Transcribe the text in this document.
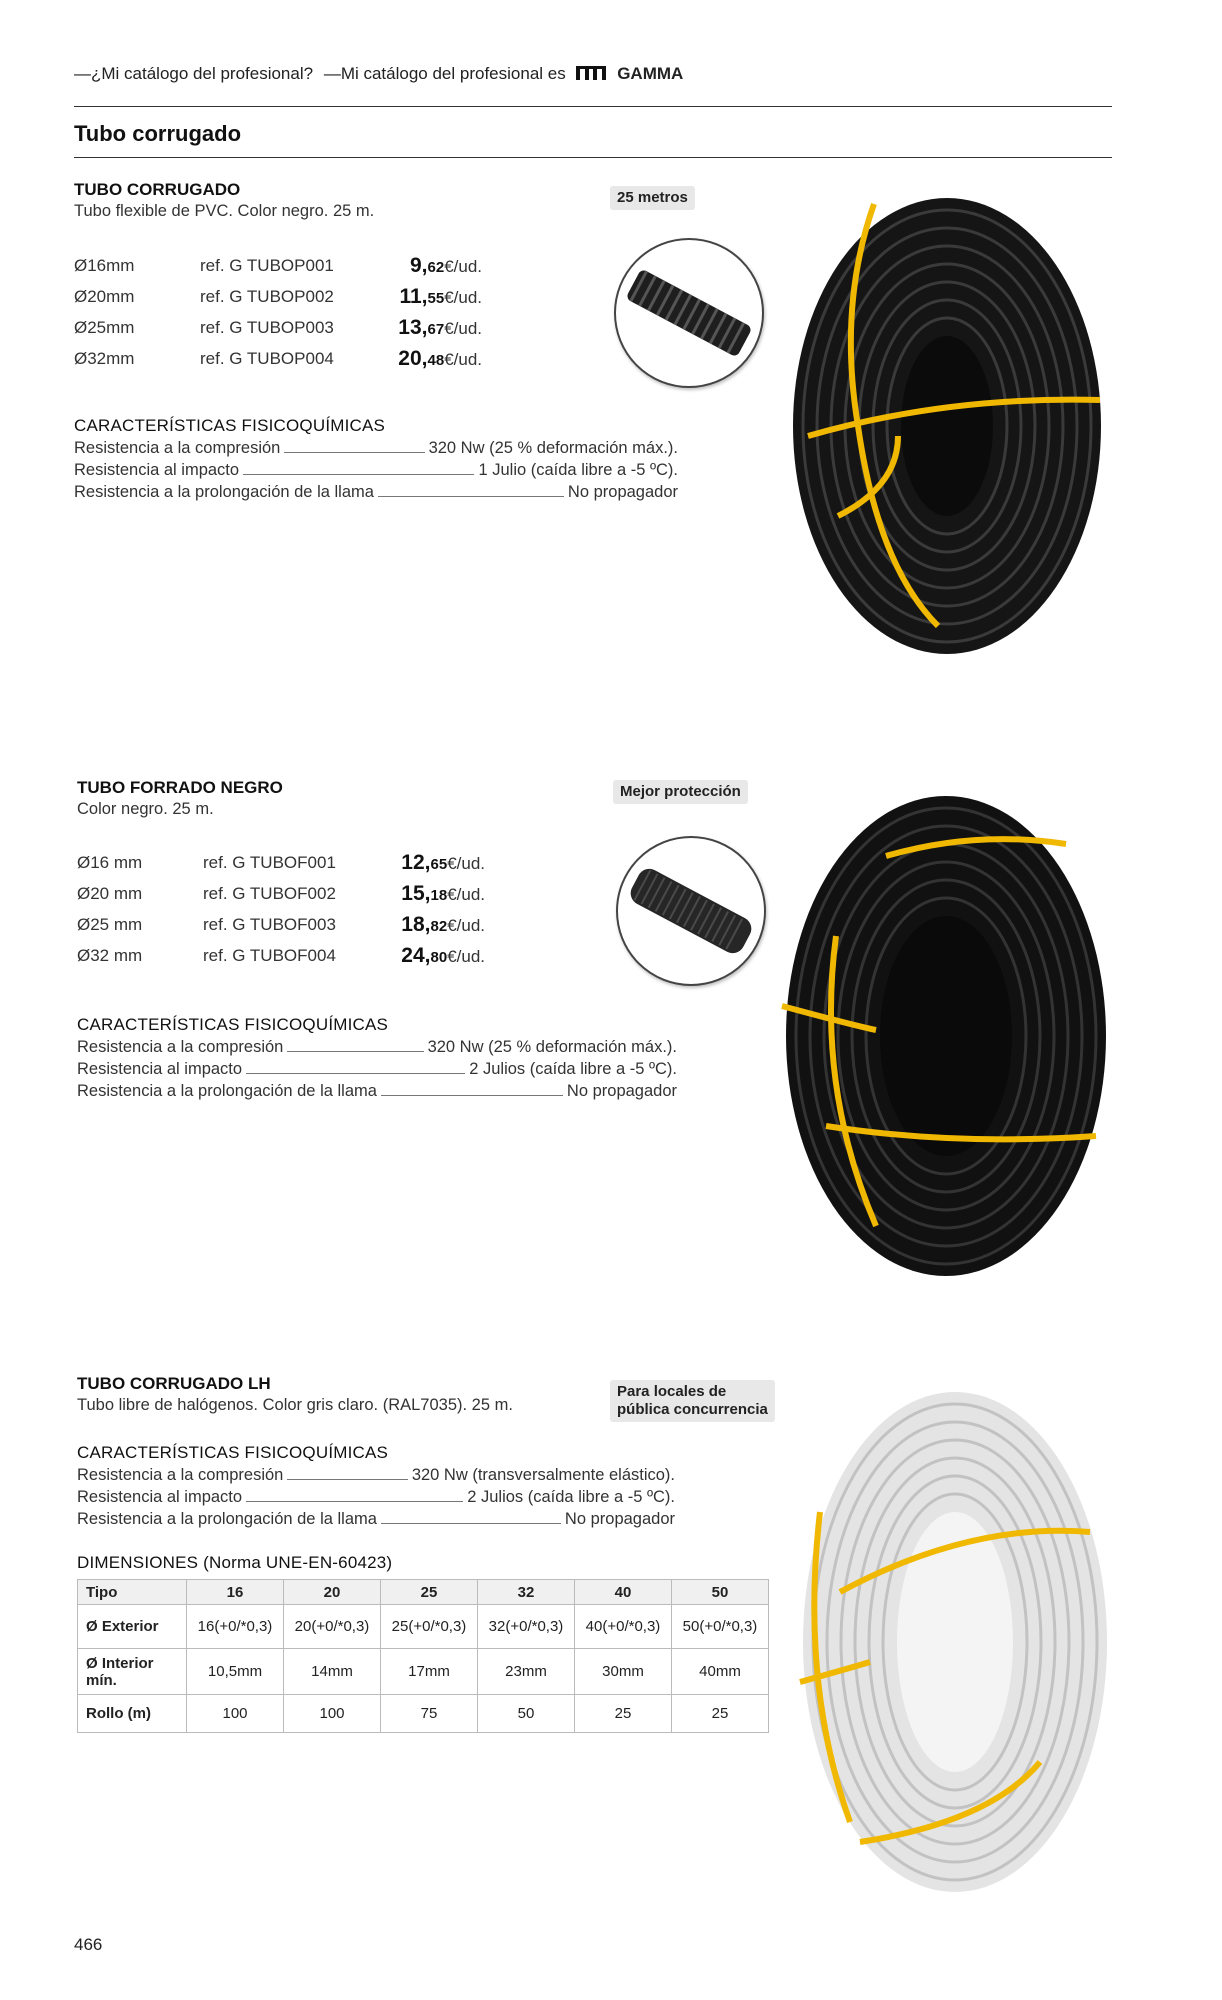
—¿Mi catálogo del profesional? —Mi catálogo del profesional es	GAMMA
Tubo corrugado
TUBO CORRUGADO
Tubo flexible de PVC. Color negro. 25 m.
25 metros
Ø16mm	ref. G TUBOP001	9,62€/ud.
Ø20mm	ref. G TUBOP002	11,55€/ud.
Ø25mm	ref. G TUBOP003	13,67€/ud.
Ø32mm	ref. G TUBOP004	20,48€/ud.
CARACTERÍSTICAS FISICOQUÍMICAS
Resistencia a la compresión	320 Nw (25 % deformación máx.).
Resistencia al impacto	1 Julio (caída libre a -5 ºC).
Resistencia a la prolongación de la llama	No propagador
TUBO FORRADO NEGRO
Color negro. 25 m.
Mejor protección
Ø16 mm	ref. G TUBOF001	12,65€/ud.
Ø20 mm	ref. G TUBOF002	15,18€/ud.
Ø25 mm	ref. G TUBOF003	18,82€/ud.
Ø32 mm	ref. G TUBOF004	24,80€/ud.
CARACTERÍSTICAS FISICOQUÍMICAS
Resistencia a la compresión	320 Nw (25 % deformación máx.).
Resistencia al impacto	2 Julios (caída libre a -5 ºC).
Resistencia a la prolongación de la llama	No propagador
TUBO CORRUGADO LH
Tubo libre de halógenos. Color gris claro. (RAL7035). 25 m.
Para locales de
pública concurrencia
CARACTERÍSTICAS FISICOQUÍMICAS
Resistencia a la compresión	320 Nw (transversalmente elástico).
Resistencia al impacto	2 Julios (caída libre a -5 ºC).
Resistencia a la prolongación de la llama	No propagador
DIMENSIONES (Norma UNE-EN-60423)
Tipo	16	20	25	32	40	50
Ø Exterior	16(+0/*0,3)	20(+0/*0,3)	25(+0/*0,3)	32(+0/*0,3)	40(+0/*0,3)	50(+0/*0,3)
Ø Interior mín.	10,5mm	14mm	17mm	23mm	30mm	40mm
Rollo (m)	100	100	75	50	25	25
466
